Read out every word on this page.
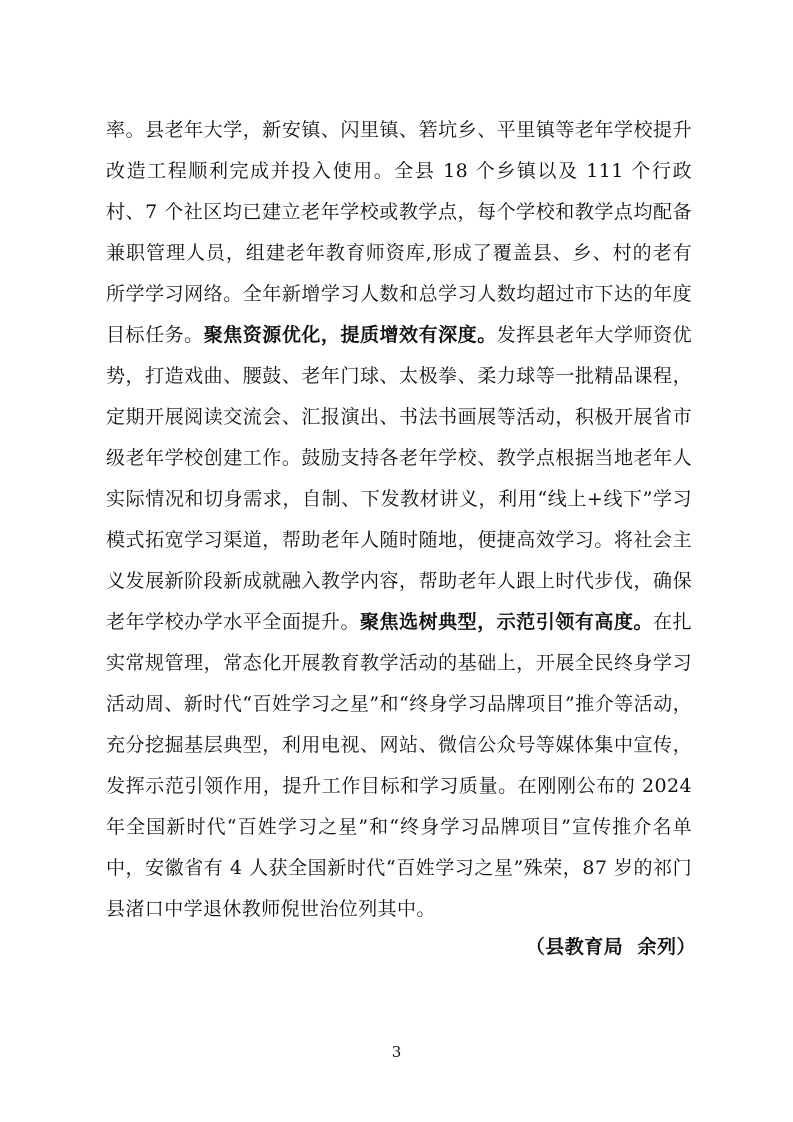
率。县老年大学，新安镇、闪里镇、箬坑乡、平里镇等老年学校提升改造工程顺利完成并投入使用。全县 18 个乡镇以及 111 个行政村、7 个社区均已建立老年学校或教学点，每个学校和教学点均配备兼职管理人员，组建老年教育师资库,形成了覆盖县、乡、村的老有所学学习网络。全年新增学习人数和总学习人数均超过市下达的年度目标任务。聚焦资源优化，提质增效有深度。发挥县老年大学师资优势，打造戏曲、腰鼓、老年门球、太极拳、柔力球等一批精品课程，定期开展阅读交流会、汇报演出、书法书画展等活动，积极开展省市级老年学校创建工作。鼓励支持各老年学校、教学点根据当地老年人实际情况和切身需求，自制、下发教材讲义，利用“线上+线下”学习模式拓宽学习渠道，帮助老年人随时随地，便捷高效学习。将社会主义发展新阶段新成就融入教学内容，帮助老年人跟上时代步伐，确保老年学校办学水平全面提升。聚焦选树典型，示范引领有高度。在扎实常规管理，常态化开展教育教学活动的基础上，开展全民终身学习活动周、新时代“百姓学习之星”和“终身学习品牌项目”推介等活动，充分挖掘基层典型，利用电视、网站、微信公众号等媒体集中宣传，发挥示范引领作用，提升工作目标和学习质量。在刚刚公布的 2024 年全国新时代“百姓学习之星”和“终身学习品牌项目”宣传推介名单中，安徽省有 4 人获全国新时代“百姓学习之星”殊荣，87 岁的祁门县渚口中学退休教师倪世治位列其中。

（县教育局  余列）
3
